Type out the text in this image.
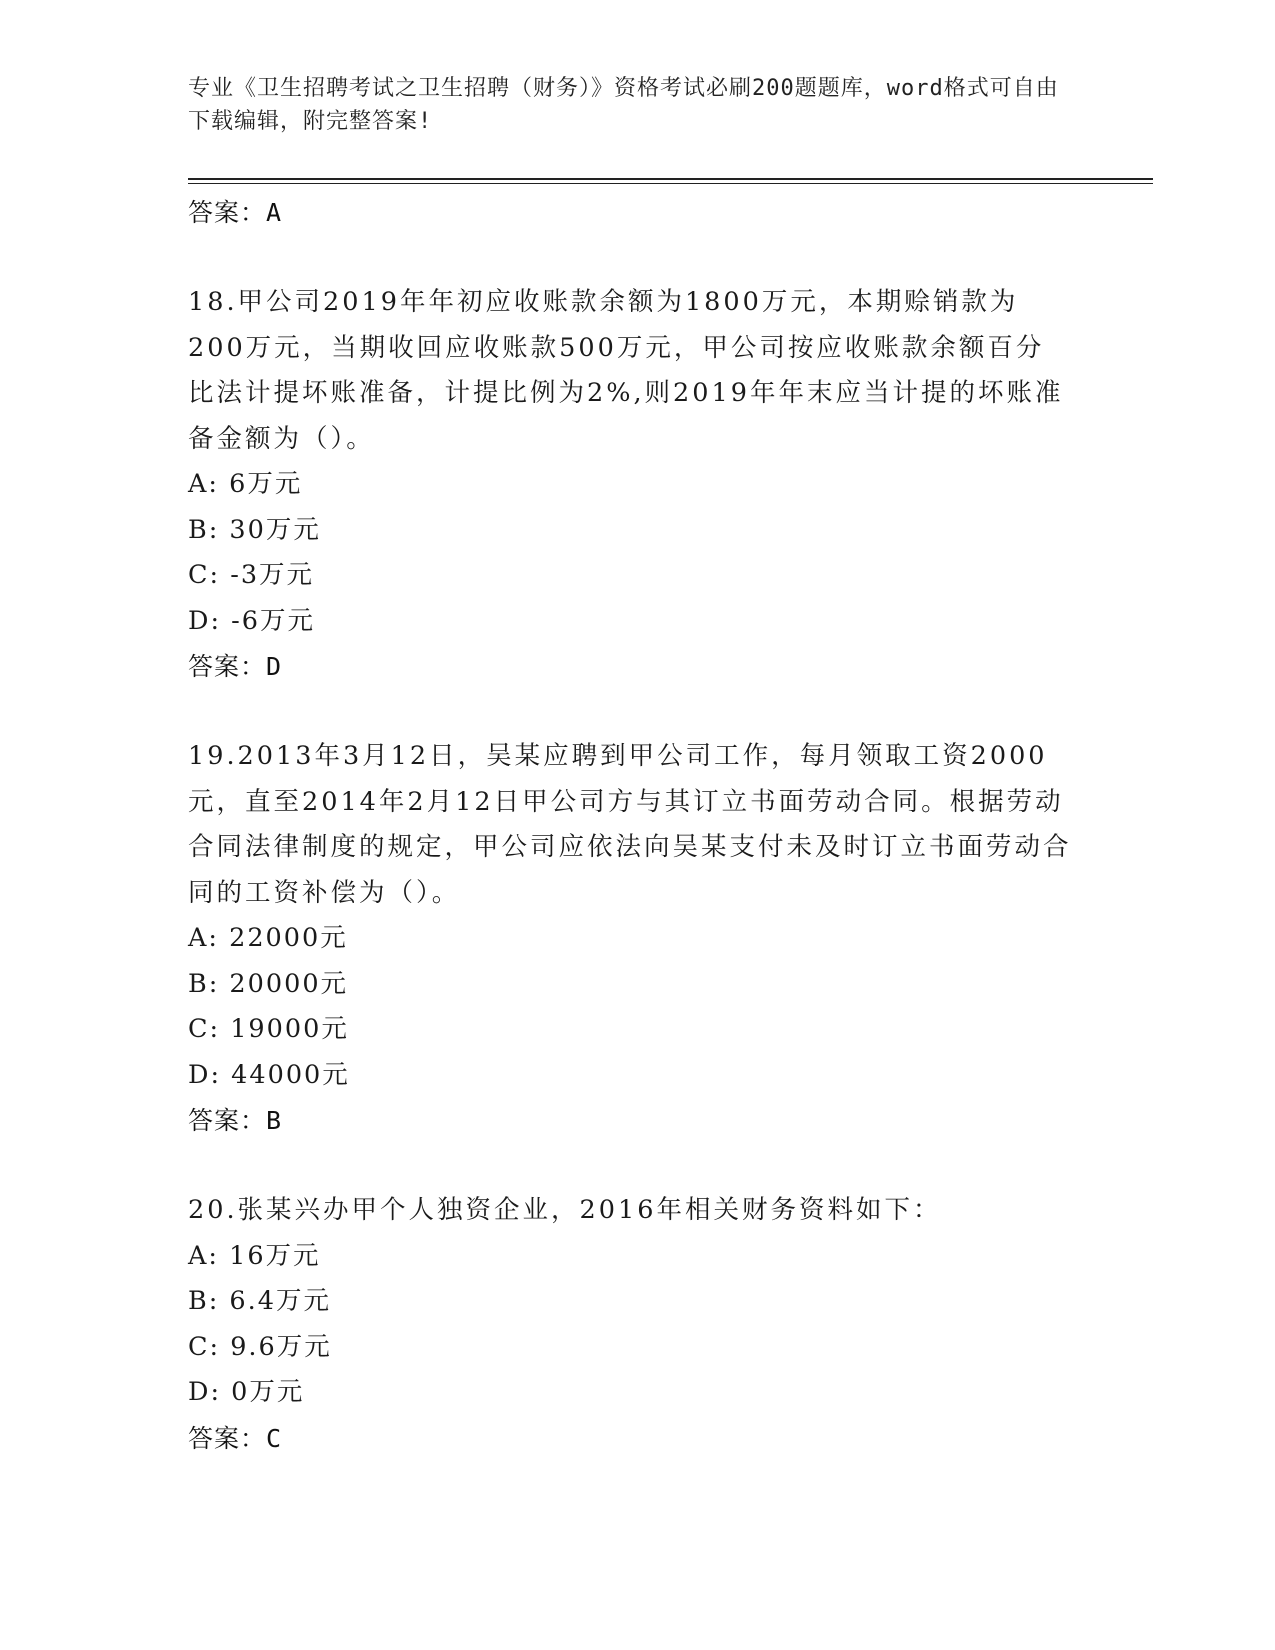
专业《卫生招聘考试之卫生招聘（财务）》资格考试必刷200题题库，word格式可自由下载编辑，附完整答案!
答案：A
18.甲公司2019年年初应收账款余额为1800万元，本期赊销款为200万元，当期收回应收账款500万元，甲公司按应收账款余额百分比法计提坏账准备，计提比例为2%,则2019年年末应当计提的坏账准备金额为（）。
A: 6万元
B: 30万元
C: -3万元
D: -6万元
答案：D
19.2013年3月12日，吴某应聘到甲公司工作，每月领取工资2000元，直至2014年2月12日甲公司方与其订立书面劳动合同。根据劳动合同法律制度的规定，甲公司应依法向吴某支付未及时订立书面劳动合同的工资补偿为（）。
A: 22000元
B: 20000元
C: 19000元
D: 44000元
答案：B
20.张某兴办甲个人独资企业，2016年相关财务资料如下：
A: 16万元
B: 6.4万元
C: 9.6万元
D: 0万元
答案：C
